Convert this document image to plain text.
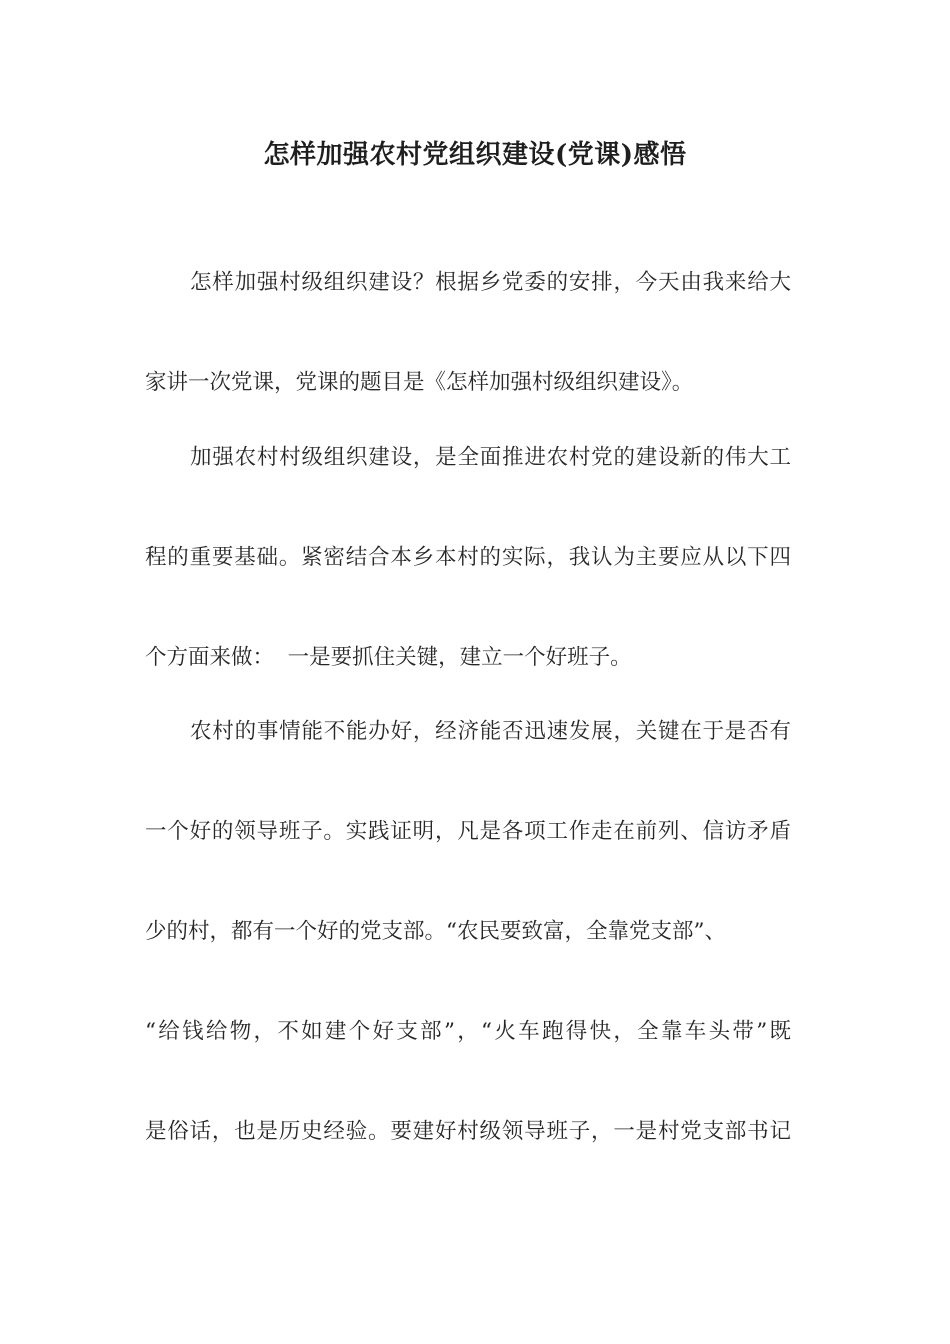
怎样加强农村党组织建设(党课)感悟
怎样加强村级组织建设？根据乡党委的安排，今天由我来给大
家讲一次党课，党课的题目是《怎样加强村级组织建设》。
加强农村村级组织建设，是全面推进农村党的建设新的伟大工
程的重要基础。紧密结合本乡本村的实际，我认为主要应从以下四
个方面来做：  一是要抓住关键，建立一个好班子。
农村的事情能不能办好，经济能否迅速发展，关键在于是否有
一个好的领导班子。实践证明，凡是各项工作走在前列、信访矛盾
少的村，都有一个好的党支部。“农民要致富，全靠党支部”、
“给钱给物，不如建个好支部”，“火车跑得快，全靠车头带”既
是俗话，也是历史经验。要建好村级领导班子，一是村党支部书记
